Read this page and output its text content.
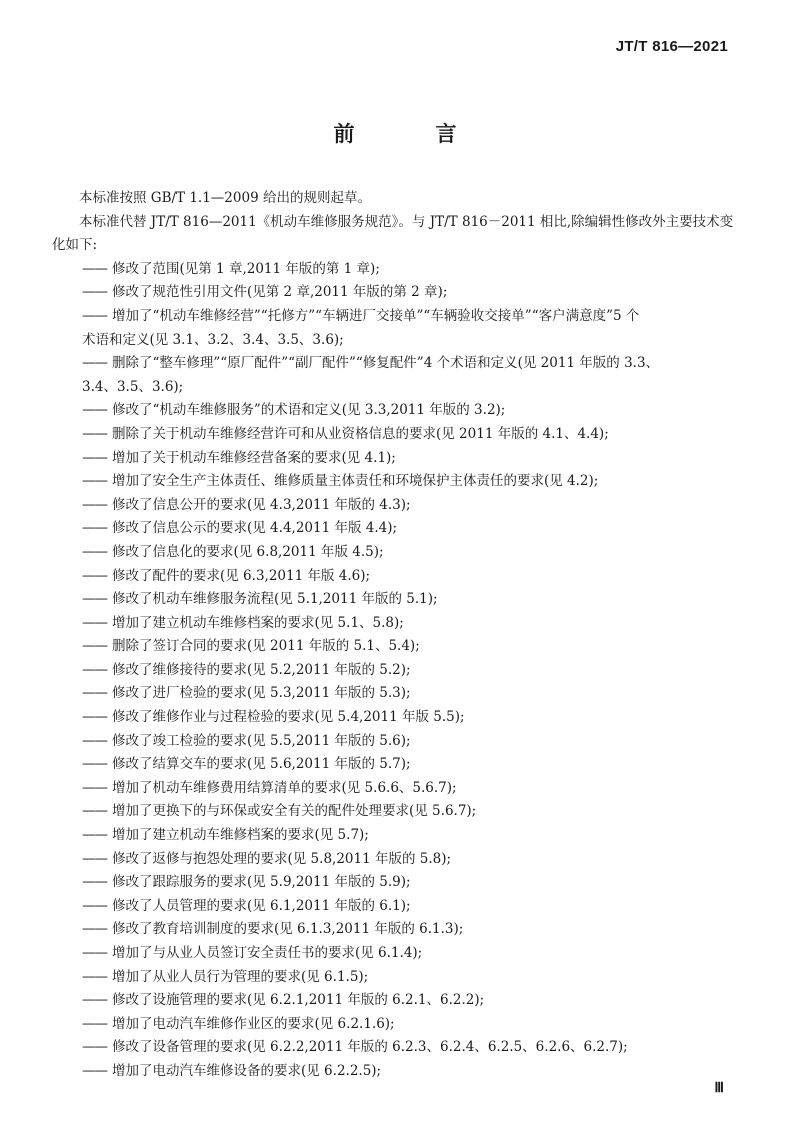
JT/T 816—2021
前　言

本标准按照 GB/T 1.1—2009 给出的规则起草。

本标准代替 JT/T 816—2011《机动车维修服务规范》。与 JT/T 816－2011 相比,除编辑性修改外主要技术变化如下:

—— 修改了范围(见第 1 章,2011 年版的第 1 章);

—— 修改了规范性引用文件(见第 2 章,2011 年版的第 2 章);

—— 增加了“机动车维修经营”“托修方”“车辆进厂交接单”“车辆验收交接单”“客户满意度”5 个
术语和定义(见 3.1、3.2、3.4、3.5、3.6);

—— 删除了“整车修理”“原厂配件”“副厂配件”“修复配件”4 个术语和定义(见 2011 年版的 3.3、
3.4、3.5、3.6);

—— 修改了“机动车维修服务”的术语和定义(见 3.3,2011 年版的 3.2);

—— 删除了关于机动车维修经营许可和从业资格信息的要求(见 2011 年版的 4.1、4.4);

—— 增加了关于机动车维修经营备案的要求(见 4.1);

—— 增加了安全生产主体责任、维修质量主体责任和环境保护主体责任的要求(见 4.2);

—— 修改了信息公开的要求(见 4.3,2011 年版的 4.3);

—— 修改了信息公示的要求(见 4.4,2011 年版 4.4);

—— 修改了信息化的要求(见 6.8,2011 年版 4.5);

—— 修改了配件的要求(见 6.3,2011 年版 4.6);

—— 修改了机动车维修服务流程(见 5.1,2011 年版的 5.1);

—— 增加了建立机动车维修档案的要求(见 5.1、5.8);

—— 删除了签订合同的要求(见 2011 年版的 5.1、5.4);

—— 修改了维修接待的要求(见 5.2,2011 年版的 5.2);

—— 修改了进厂检验的要求(见 5.3,2011 年版的 5.3);

—— 修改了维修作业与过程检验的要求(见 5.4,2011 年版 5.5);

—— 修改了竣工检验的要求(见 5.5,2011 年版的 5.6);

—— 修改了结算交车的要求(见 5.6,2011 年版的 5.7);

—— 增加了机动车维修费用结算清单的要求(见 5.6.6、5.6.7);

—— 增加了更换下的与环保或安全有关的配件处理要求(见 5.6.7);

—— 增加了建立机动车维修档案的要求(见 5.7);

—— 修改了返修与抱怨处理的要求(见 5.8,2011 年版的 5.8);

—— 修改了跟踪服务的要求(见 5.9,2011 年版的 5.9);

—— 修改了人员管理的要求(见 6.1,2011 年版的 6.1);

—— 修改了教育培训制度的要求(见 6.1.3,2011 年版的 6.1.3);

—— 增加了与从业人员签订安全责任书的要求(见 6.1.4);

—— 增加了从业人员行为管理的要求(见 6.1.5);

—— 修改了设施管理的要求(见 6.2.1,2011 年版的 6.2.1、6.2.2);

—— 增加了电动汽车维修作业区的要求(见 6.2.1.6);

—— 修改了设备管理的要求(见 6.2.2,2011 年版的 6.2.3、6.2.4、6.2.5、6.2.6、6.2.7);

—— 增加了电动汽车维修设备的要求(见 6.2.2.5);

Ⅲ
